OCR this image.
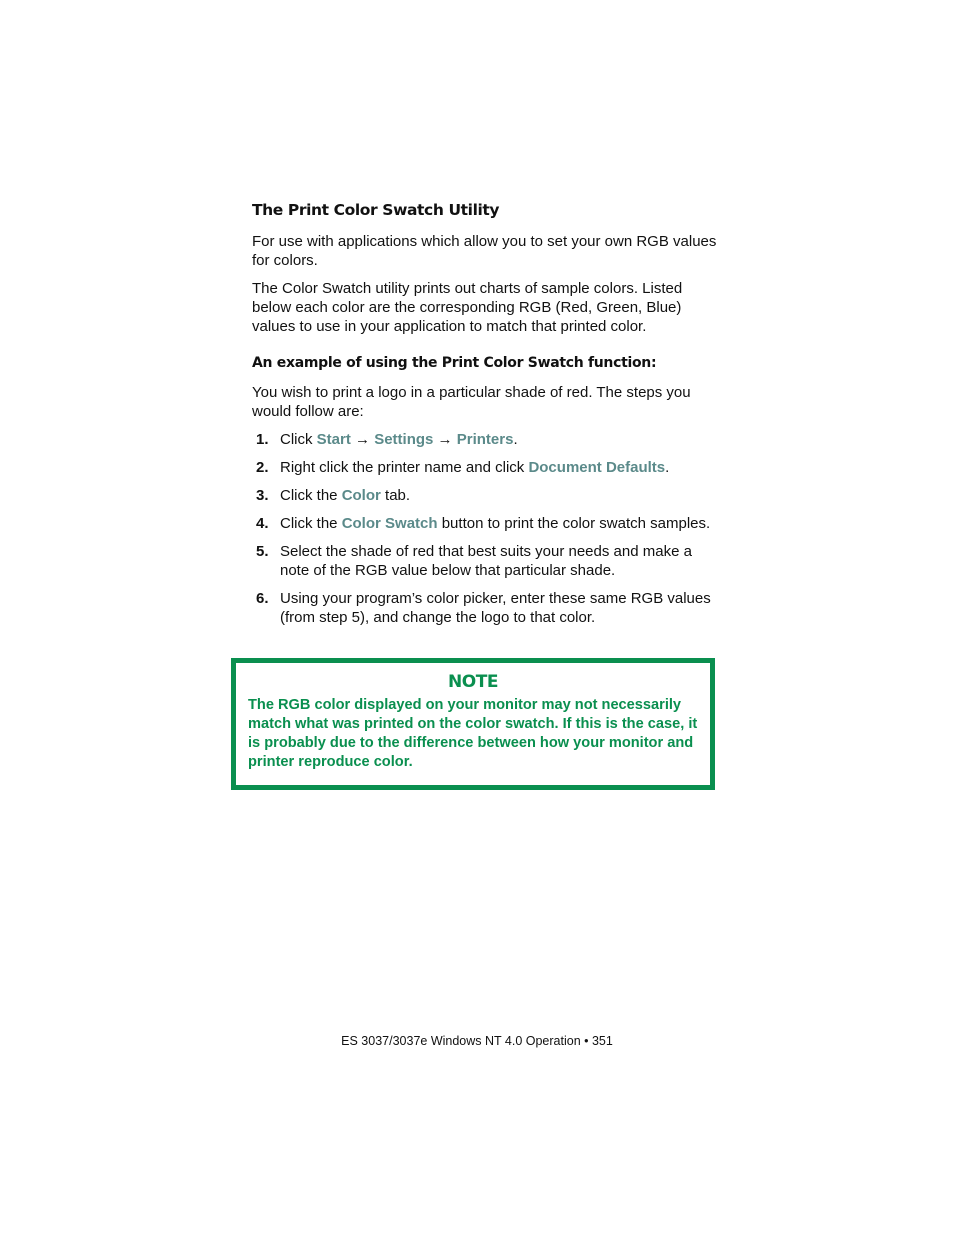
The Print Color Swatch Utility

For use with applications which allow you to set your own RGB values for colors.

The Color Swatch utility prints out charts of sample colors. Listed below each color are the corresponding RGB (Red, Green, Blue) values to use in your application to match that printed color.

An example of using the Print Color Swatch function:

You wish to print a logo in a particular shade of red. The steps you would follow are:

1. Click Start → Settings → Printers.
2. Right click the printer name and click Document Defaults.
3. Click the Color tab.
4. Click the Color Swatch button to print the color swatch samples.
5. Select the shade of red that best suits your needs and make a note of the RGB value below that particular shade.
6. Using your program’s color picker, enter these same RGB values (from step 5), and change the logo to that color.
NOTE

The RGB color displayed on your monitor may not necessarily match what was printed on the color swatch. If this is the case, it is probably due to the difference between how your monitor and printer reproduce color.

ES 3037/3037e Windows NT 4.0 Operation • 351
